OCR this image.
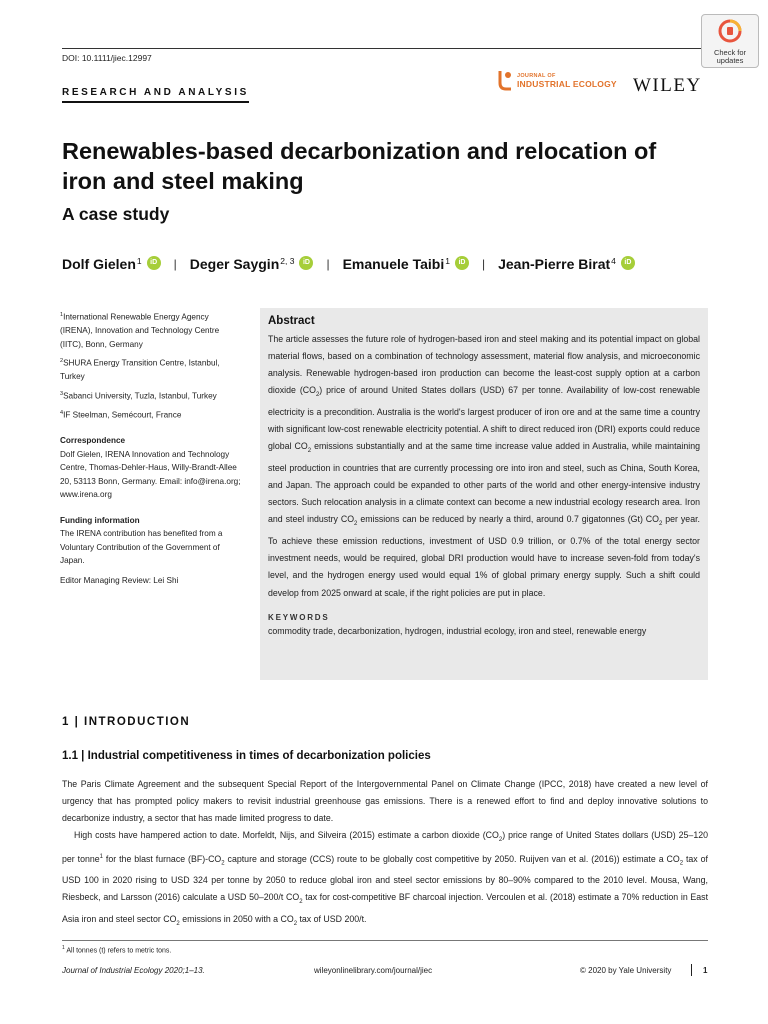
DOI: 10.1111/jiec.12997
Check for
updates
RESEARCH AND ANALYSIS
JOURNAL OF
INDUSTRIAL ECOLOGY WILEY
Renewables-based decarbonization and relocation of iron and steel making
A case study
Dolf Gielen$^1$	iD | Deger Saygin$^{2, 3}$	iD | Emanuele Taibi$^1$	iD | Jean-Pierre Birat$^4$	iD
$^1$International Renewable Energy Agency (IRENA), Innovation and Technology Centre (IITC), Bonn, Germany
$^2$SHURA Energy Transition Centre, Istanbul, Turkey
$^3$Sabanci University, Tuzla, Istanbul, Turkey
$^4$IF Steelman, Semécourt, France
Correspondence
Dolf Gielen, IRENA Innovation and Technology Centre, Thomas-Dehler-Haus, Willy-Brandt-Allee 20, 53113 Bonn, Germany. Email: info@irena.org; www.irena.org
Funding information
The IRENA contribution has benefited from a Voluntary Contribution of the Government of Japan.
Editor Managing Review: Lei Shi
Abstract
The article assesses the future role of hydrogen-based iron and steel making and its potential impact on global material flows, based on a combination of technology assessment, material flow analysis, and microeconomic analysis. Renewable hydrogen-based iron production can become the least-cost supply option at a carbon dioxide $(CO_2)$ price of around United States dollars (USD) 67 per tonne. Availability of low-cost renewable electricity is a precondition. Australia is the world's largest producer of iron ore and at the same time a country with significant low-cost renewable electricity potential. A shift to direct reduced iron (DRI) exports could reduce global $CO_2$ emissions substantially and at the same time increase value added in Australia, while maintaining steel production in countries that are currently processing ore into iron and steel, such as China, South Korea, and Japan. The approach could be expanded to other parts of the world and other energy-intensive industry sectors. Such relocation analysis in a climate context can become a new industrial ecology research area. Iron and steel industry $CO_2$ emissions can be reduced by nearly a third, around 0.7 gigatonnes (Gt) $CO_2$ per year. To achieve these emission reductions, investment of USD 0.9 trillion, or 0.7% of the total energy sector investment needs, would be required, global DRI production would have to increase seven-fold from today's level, and the hydrogen energy used would equal 1% of global primary energy supply. Such a shift could develop from 2025 onward at scale, if the right policies are put in place.
KEYWORDS
commodity trade, decarbonization, hydrogen, industrial ecology, iron and steel, renewable energy
1 | INTRODUCTION
1.1 | Industrial competitiveness in times of decarbonization policies

The Paris Climate Agreement and the subsequent Special Report of the Intergovernmental Panel on Climate Change (IPCC, 2018) have created a new level of urgency that has prompted policy makers to revisit industrial greenhouse gas emissions. There is a renewed effort to find and deploy innovative solutions to decarbonize industry, a sector that has made limited progress to date.

High costs have hampered action to date. Morfeldt, Nijs, and Silveira (2015) estimate a carbon dioxide $(CO_2)$ price range of United States dollars (USD) 25–120 per tonne$^1$ for the blast furnace $(BF)-CO_2$ capture and storage (CCS) route to be globally cost competitive by 2050. Ruijven van et al. (2016)) estimate a $CO_2$ tax of USD 100 in 2020 rising to USD 324 per tonne by 2050 to reduce global iron and steel sector emissions by 80–90% compared to the 2010 level. Mousa, Wang, Riesbeck, and Larsson (2016) calculate a USD 50–200/t $CO_2$ tax for cost-competitive BF charcoal injection. Vercoulen et al. (2018) estimate a 70% reduction in East Asia iron and steel sector $CO_2$ emissions in 2050 with a $CO_2$ tax of USD 200/t.

$^1$ All tonnes (t) refers to metric tons.
Journal of Industrial Ecology 2020;1–13.	wileyonlinelibrary.com/journal/jiec	© 2020 by Yale University	1
